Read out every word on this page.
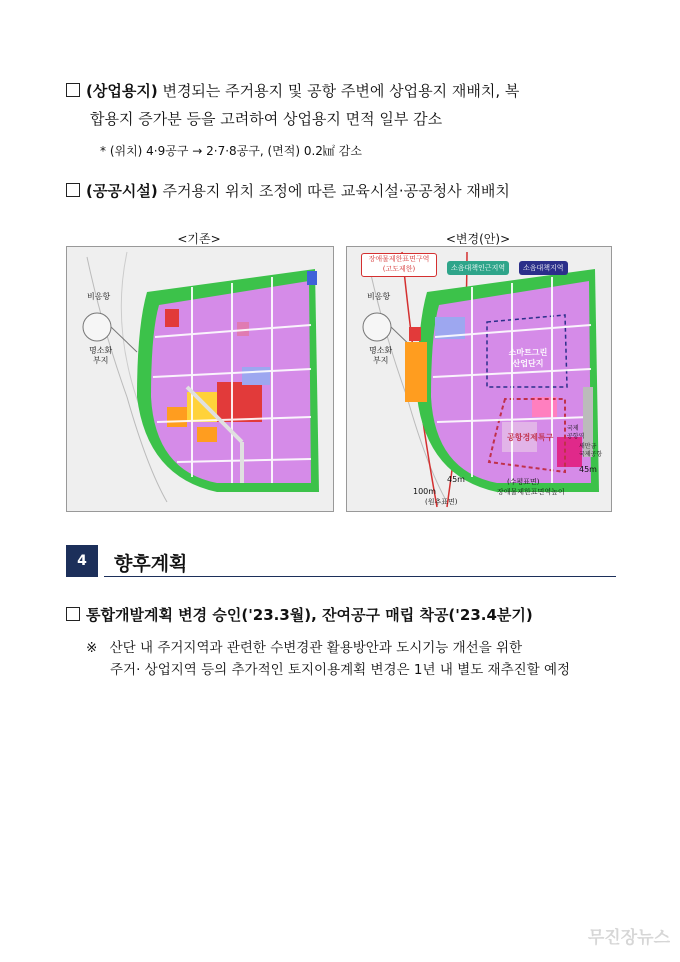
(상업용지) 변경되는 주거용지 및 공항 주변에 상업용지 재배치, 복
합용지 증가분 등을 고려하여 상업용지 면적 일부 감소
* (위치) 4·9공구 → 2·7·8공구, (면적) 0.2㎢ 감소
(공공시설) 주거용지 위치 조정에 따른 교육시설·공공청사 재배치
<기존>	<변경(안)>
비응항
명소화
부지
비응항
명소화
부지
장애물제한표면구역
(고도제한)	소음대책인근지역	소음대책지역
스마트그린
산업단지
공항경제특구
국제
공항역
새만금
국제공항
45m
45m
100m
(수평표면)
(원추표면)
장애물제한표면역높이
4	향후계획
통합개발계획 변경 승인('23.3월), 잔여공구 매립 착공('23.4분기)
※ 산단 내 주거지역과 관련한 수변경관 활용방안과 도시기능 개선을 위한
주거· 상업지역 등의 추가적인 토지이용계획 변경은 1년 내 별도 재추진할 예정
무진장뉴스
